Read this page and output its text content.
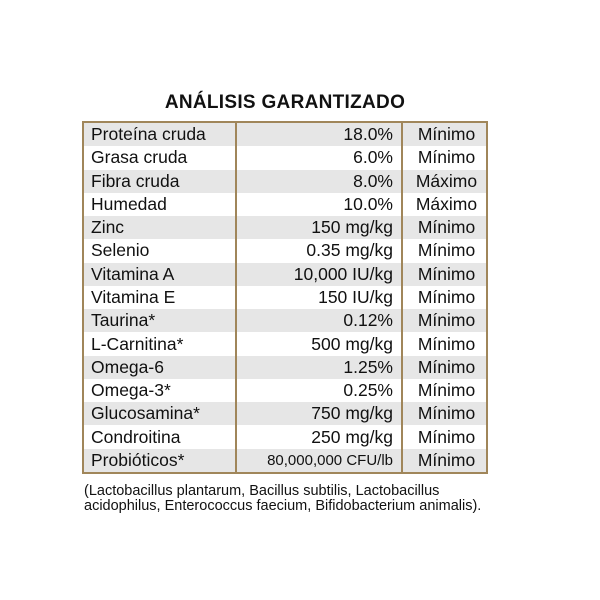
ANÁLISIS GARANTIZADO
Proteína cruda	18.0%	Mínimo
Grasa cruda	6.0%	Mínimo
Fibra cruda	8.0%	Máximo
Humedad	10.0%	Máximo
Zinc	150 mg/kg	Mínimo
Selenio	0.35 mg/kg	Mínimo
Vitamina A	10,000 IU/kg	Mínimo
Vitamina E	150 IU/kg	Mínimo
Taurina*	0.12%	Mínimo
L-Carnitina*	500 mg/kg	Mínimo
Omega-6	1.25%	Mínimo
Omega-3*	0.25%	Mínimo
Glucosamina*	750 mg/kg	Mínimo
Condroitina	250 mg/kg	Mínimo
Probióticos*	80,000,000 CFU/lb	Mínimo
(Lactobacillus plantarum, Bacillus subtilis, Lactobacillus acidophilus, Enterococcus faecium, Bifidobacterium animalis).
